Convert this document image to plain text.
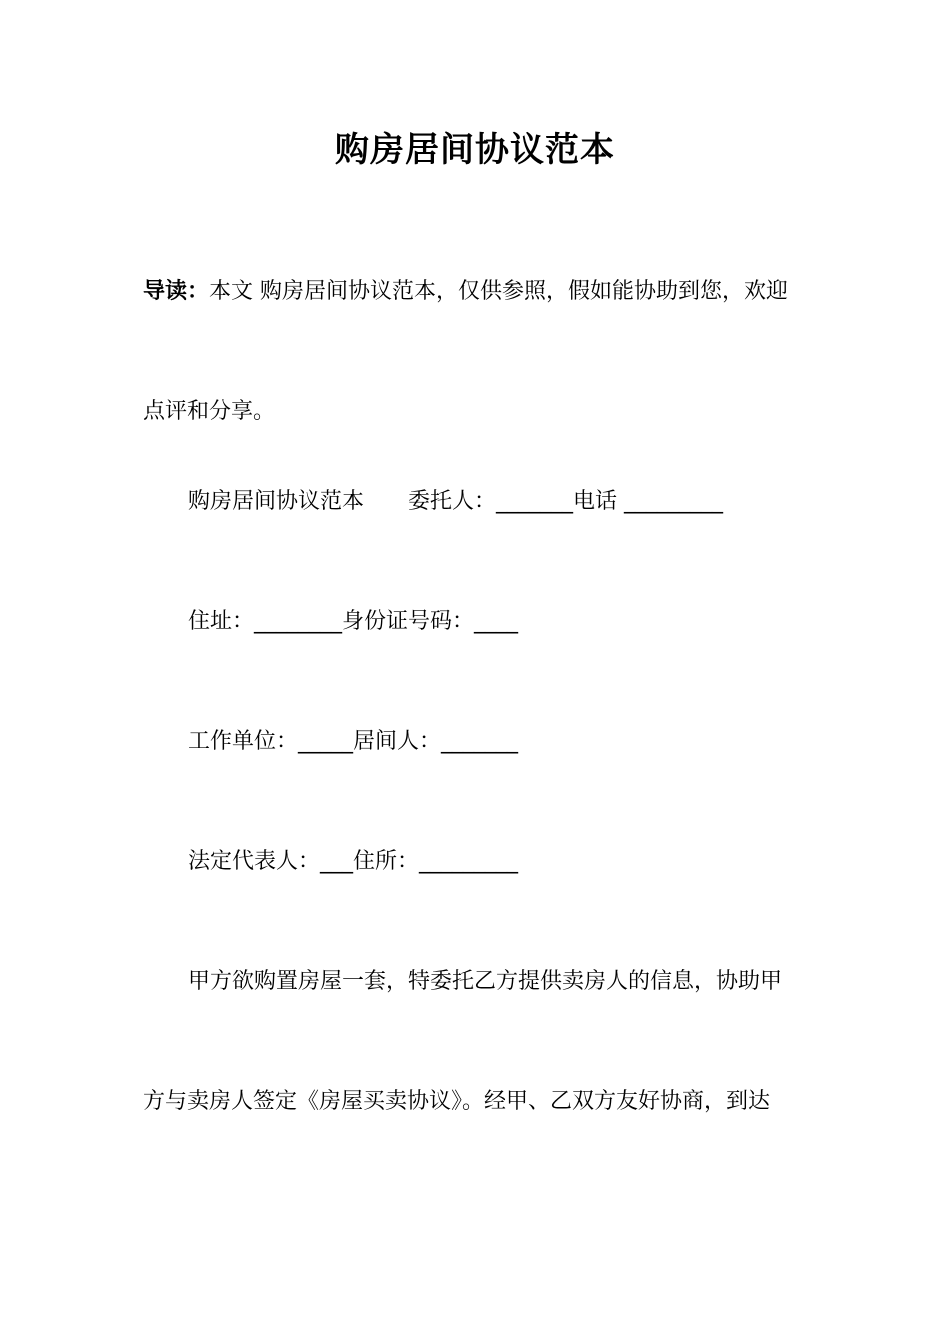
购房居间协议范本
导读：本文 购房居间协议范本，仅供参照，假如能协助到您，欢迎
点评和分享。
购房居间协议范本 委托人：_______电话 _________
住址：________身份证号码：____
工作单位：_____居间人：_______
法定代表人：___住所：_________
甲方欲购置房屋一套，特委托乙方提供卖房人的信息，协助甲
方与卖房人签定《房屋买卖协议》。经甲、乙双方友好协商，到达
